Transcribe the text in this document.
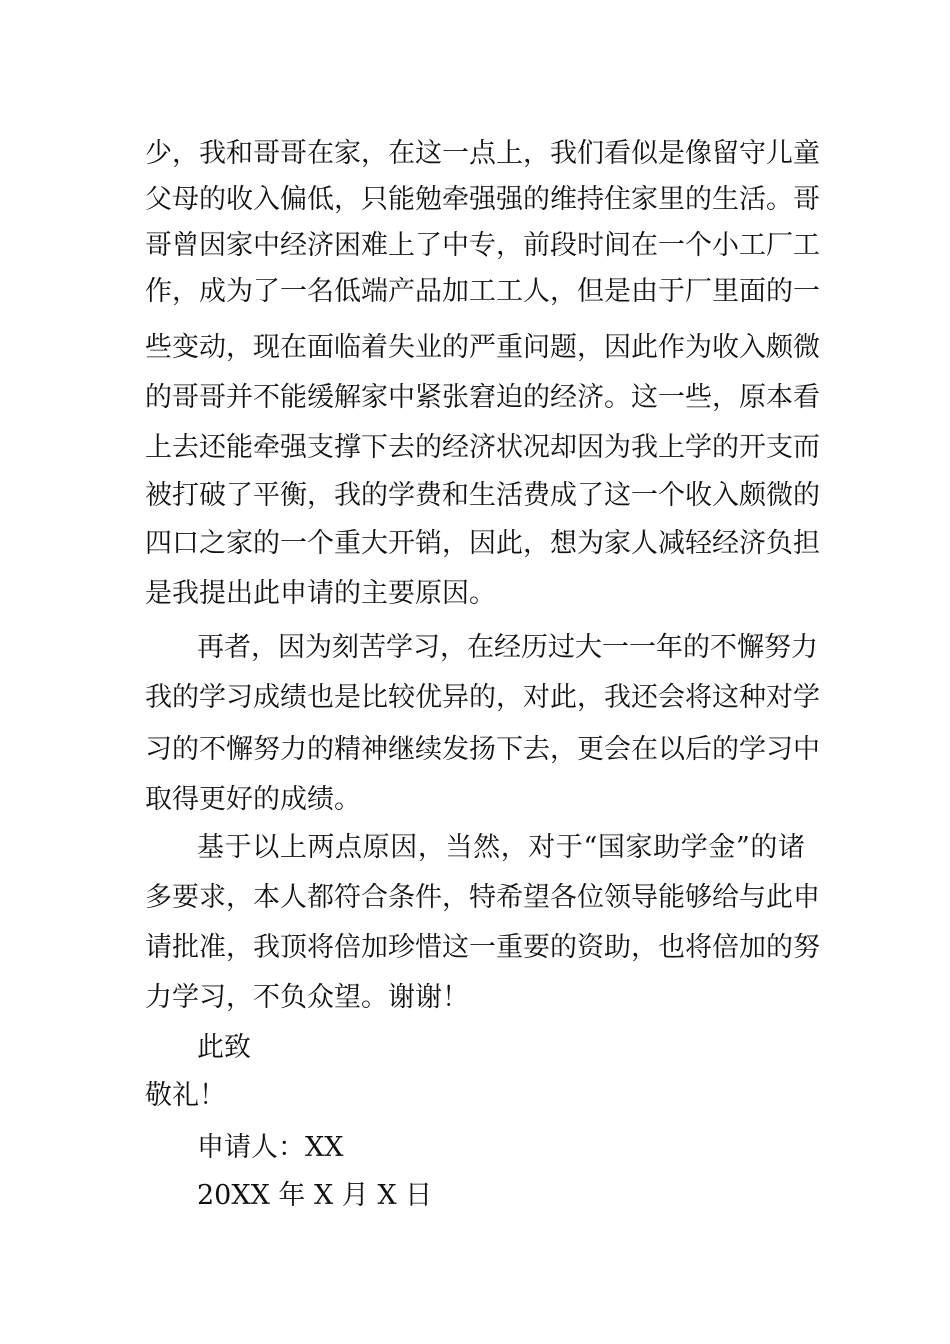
少，我和哥哥在家，在这一点上，我们看似是像留守儿童
父母的收入偏低，只能勉牵强强的维持住家里的生活。哥
哥曾因家中经济困难上了中专，前段时间在一个小工厂工
作，成为了一名低端产品加工工人，但是由于厂里面的一
些变动，现在面临着失业的严重问题，因此作为收入颇微
的哥哥并不能缓解家中紧张窘迫的经济。这一些，原本看
上去还能牵强支撑下去的经济状况却因为我上学的开支而
被打破了平衡，我的学费和生活费成了这一个收入颇微的
四口之家的一个重大开销，因此，想为家人减轻经济负担
是我提出此申请的主要原因。
再者，因为刻苦学习，在经历过大一一年的不懈努力
我的学习成绩也是比较优异的，对此，我还会将这种对学
习的不懈努力的精神继续发扬下去，更会在以后的学习中
取得更好的成绩。
基于以上两点原因，当然，对于“国家助学金”的诸
多要求，本人都符合条件，特希望各位领导能够给与此申
请批准，我顶将倍加珍惜这一重要的资助，也将倍加的努
力学习，不负众望。谢谢！
此致
敬礼！
申请人：XX
20XX 年 X 月 X 日
